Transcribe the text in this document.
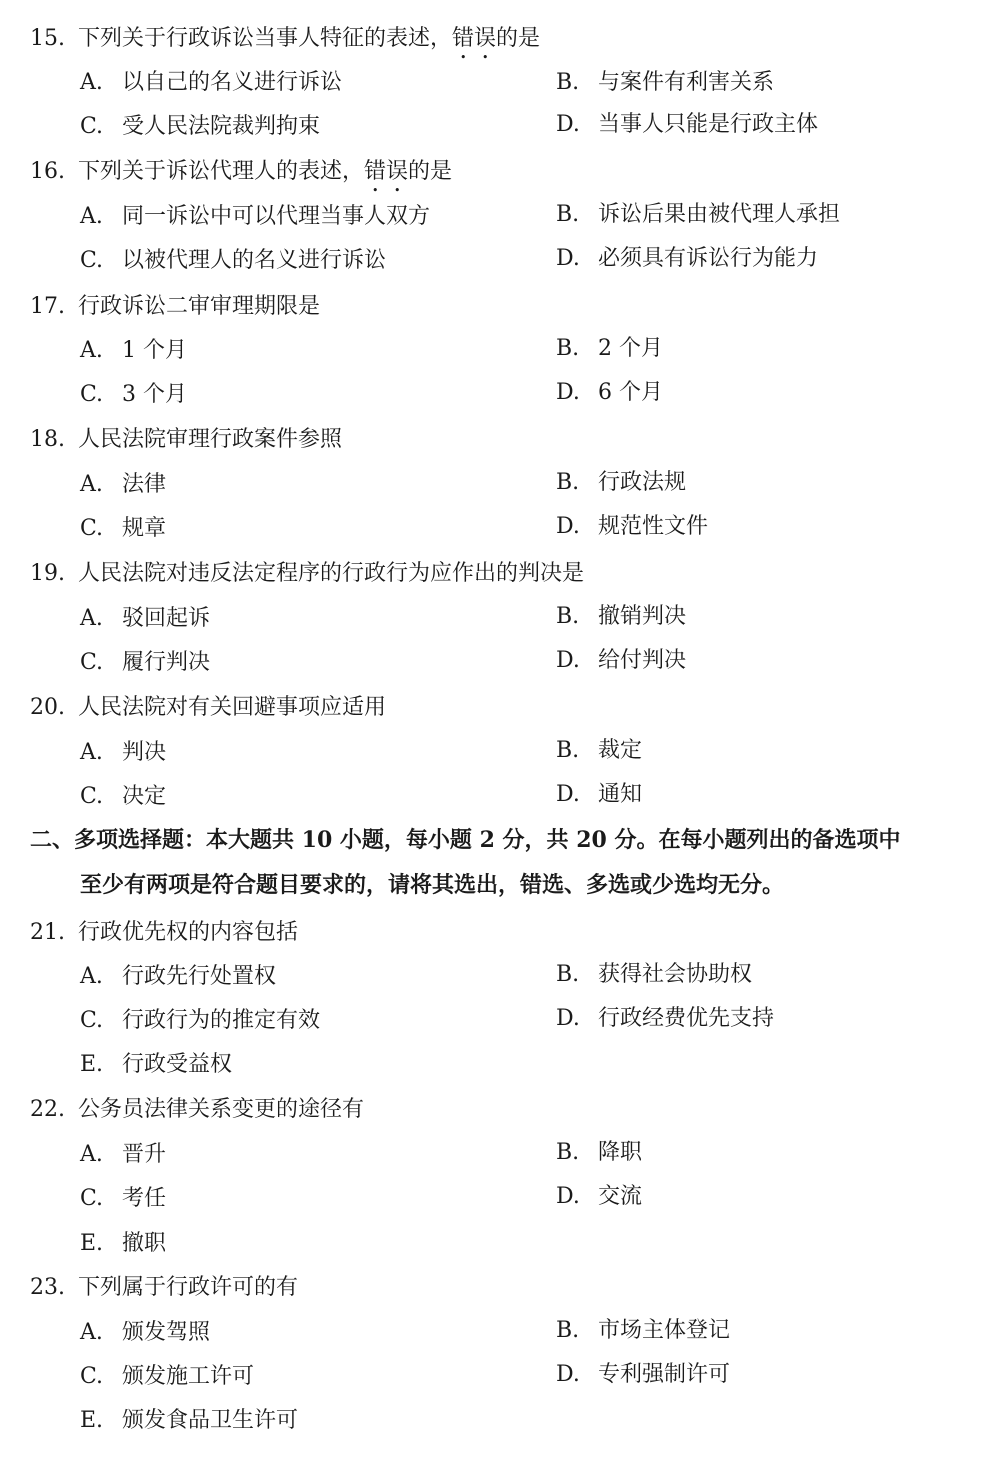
15. 下列关于行政诉讼当事人特征的表述，错误的是
A. 以自己的名义进行诉讼	B. 与案件有利害关系
C. 受人民法院裁判拘束	D. 当事人只能是行政主体
16. 下列关于诉讼代理人的表述，错误的是
A. 同一诉讼中可以代理当事人双方	B. 诉讼后果由被代理人承担
C. 以被代理人的名义进行诉讼	D. 必须具有诉讼行为能力
17. 行政诉讼二审审理期限是
A. 1 个月	B. 2 个月
C. 3 个月	D. 6 个月
18. 人民法院审理行政案件参照
A. 法律	B. 行政法规
C. 规章	D. 规范性文件
19. 人民法院对违反法定程序的行政行为应作出的判决是
A. 驳回起诉	B. 撤销判决
C. 履行判决	D. 给付判决
20. 人民法院对有关回避事项应适用
A. 判决	B. 裁定
C. 决定	D. 通知
二、多项选择题：本大题共 10 小题，每小题 2 分，共 20 分。在每小题列出的备选项中
至少有两项是符合题目要求的，请将其选出，错选、多选或少选均无分。
21. 行政优先权的内容包括
A. 行政先行处置权	B. 获得社会协助权
C. 行政行为的推定有效	D. 行政经费优先支持
E. 行政受益权
22. 公务员法律关系变更的途径有
A. 晋升	B. 降职
C. 考任	D. 交流
E. 撤职
23. 下列属于行政许可的有
A. 颁发驾照	B. 市场主体登记
C. 颁发施工许可	D. 专利强制许可
E. 颁发食品卫生许可
